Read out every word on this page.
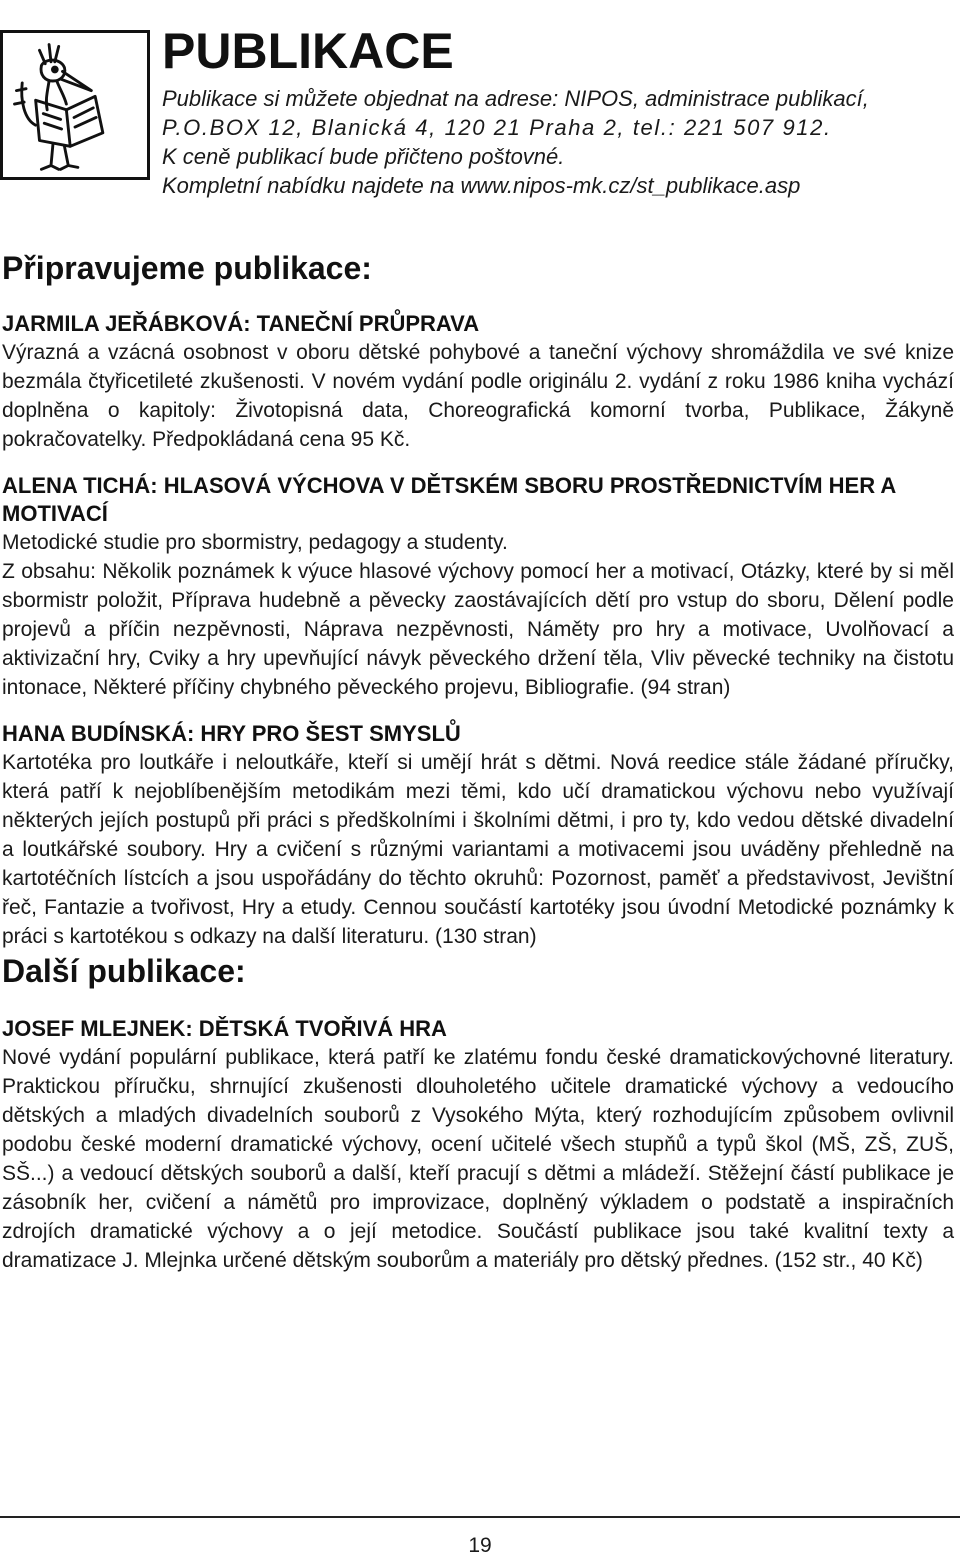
PUBLIKACE

Publikace si můžete objednat na adrese: NIPOS, administrace publikací,

P.O.BOX 12, Blanická 4, 120 21 Praha 2, tel.: 221 507 912.

K ceně publikací bude přičteno poštovné.

Kompletní nabídku najdete na www.nipos-mk.cz/st_publikace.asp

Připravujeme publikace:
JARMILA JEŘÁBKOVÁ: TANEČNÍ PRŮPRAVA

Výrazná a vzácná osobnost v oboru dětské pohybové a taneční výchovy shromáždila ve své knize bezmála čtyřicetileté zkušenosti. V novém vydání podle originálu 2. vydání z roku 1986 kniha vychází doplněna o kapitoly: Životopisná data, Choreografická komorní tvorba, Publikace, Žákyně pokračovatelky. Předpokládaná cena 95 Kč.

ALENA TICHÁ: HLASOVÁ VÝCHOVA V DĚTSKÉM SBORU PROSTŘEDNICTVÍM HER A MOTIVACÍ

Metodické studie pro sbormistry, pedagogy a studenty.

Z obsahu: Několik poznámek k výuce hlasové výchovy pomocí her a motivací, Otázky, které by si měl sbormistr položit, Příprava hudebně a pěvecky zaostávajících dětí pro vstup do sboru, Dělení podle projevů a příčin nezpěvnosti, Náprava nezpěvnosti, Náměty pro hry a motivace, Uvolňovací a aktivizační hry, Cviky a hry upevňující návyk pěveckého držení těla, Vliv pěvecké techniky na čistotu intonace, Některé příčiny chybného pěveckého projevu, Bibliografie. (94 stran)

HANA BUDÍNSKÁ: HRY PRO ŠEST SMYSLŮ

Kartotéka pro loutkáře i neloutkáře, kteří si umějí hrát s dětmi. Nová reedice stále žádané příručky, která patří k nejoblíbenějším metodikám mezi těmi, kdo učí dramatickou výchovu nebo využívají některých jejích postupů při práci s předškolními i školními dětmi, i pro ty, kdo vedou dětské divadelní a loutkářské soubory. Hry a cvičení s různými variantami a motivacemi jsou uváděny přehledně na kartotéčních lístcích a jsou uspořádány do těchto okruhů: Pozornost, paměť a představivost, Jevištní řeč, Fantazie a tvořivost, Hry a etudy. Cennou součástí kartotéky jsou úvodní Metodické poznámky k práci s kartotékou s odkazy na další literaturu. (130 stran)

Další publikace:
JOSEF MLEJNEK: DĚTSKÁ TVOŘIVÁ HRA

Nové vydání populární publikace, která patří ke zlatému fondu české dramatickovýchovné literatury. Praktickou příručku, shrnující zkušenosti dlouholetého učitele dramatické výchovy a vedoucího dětských a mladých divadelních souborů z Vysokého Mýta, který rozhodujícím způsobem ovlivnil podobu české moderní dramatické výchovy, ocení učitelé všech stupňů a typů škol (MŠ, ZŠ, ZUŠ, SŠ...) a vedoucí dětských souborů a další, kteří pracují s dětmi a mládeží. Stěžejní částí publikace je zásobník her, cvičení a námětů pro improvizace, doplněný výkladem o podstatě a inspiračních zdrojích dramatické výchovy a o její metodice. Součástí publikace jsou také kvalitní texty a dramatizace J. Mlejnka určené dětským souborům a materiály pro dětský přednes. (152 str., 40 Kč)

19
